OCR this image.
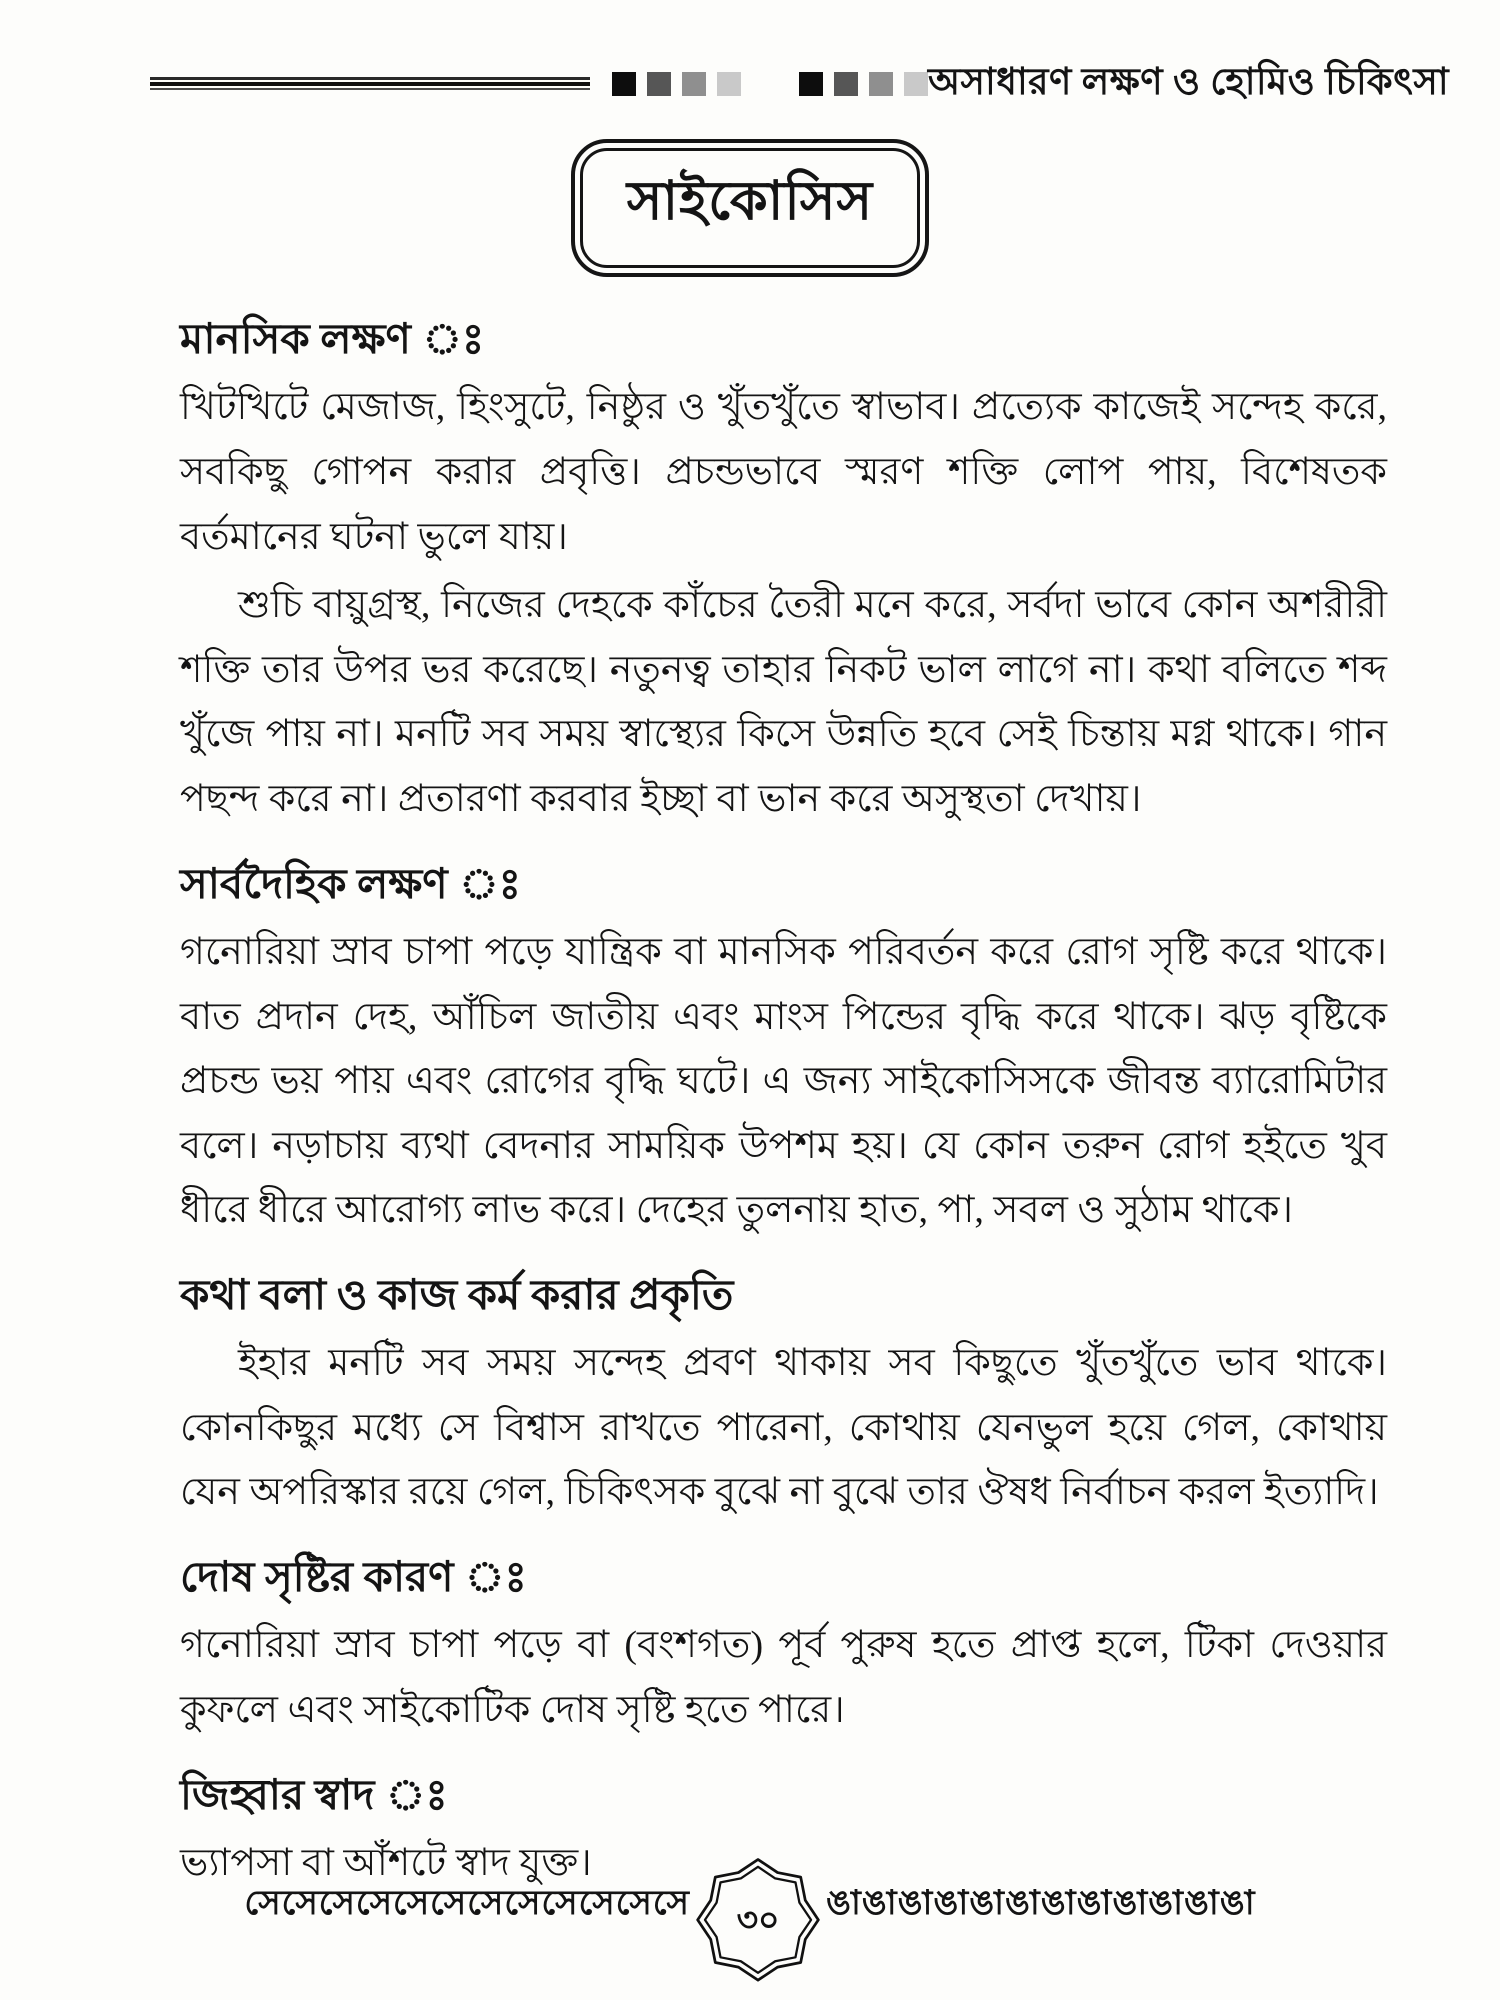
অসাধারণ লক্ষণ ও হোমিও চিকিৎসা
সাইকোসিস
মানসিক লক্ষণ ঃ

খিটখিটে মেজাজ, হিংসুটে, নিষ্ঠুর ও খুঁতখুঁতে স্বাভাব। প্রত্যেক কাজেই সন্দেহ করে, সবকিছু গোপন করার প্রবৃত্তি। প্রচন্ডভাবে স্মরণ শক্তি লোপ পায়, বিশেষতক বর্তমানের ঘটনা ভুলে যায়।

শুচি বায়ুগ্রস্থ, নিজের দেহকে কাঁচের তৈরী মনে করে, সর্বদা ভাবে কোন অশরীরী শক্তি তার উপর ভর করেছে। নতুনত্ব তাহার নিকট ভাল লাগে না। কথা বলিতে শব্দ খুঁজে পায় না। মনটি সব সময় স্বাস্থ্যের কিসে উন্নতি হবে সেই চিন্তায় মগ্ন থাকে। গান পছন্দ করে না। প্রতারণা করবার ইচ্ছা বা ভান করে অসুস্থতা দেখায়।

সার্বদৈহিক লক্ষণ ঃ

গনোরিয়া স্রাব চাপা পড়ে যান্ত্রিক বা মানসিক পরিবর্তন করে রোগ সৃষ্টি করে থাকে। বাত প্রদান দেহ, আঁচিল জাতীয় এবং মাংস পিন্ডের বৃদ্ধি করে থাকে। ঝড় বৃষ্টিকে প্রচন্ড ভয় পায় এবং রোগের বৃদ্ধি ঘটে। এ জন্য সাইকোসিসকে জীবন্ত ব্যারোমিটার বলে। নড়াচায় ব্যথা বেদনার সাময়িক উপশম হয়। যে কোন তরুন রোগ হইতে খুব ধীরে ধীরে আরোগ্য লাভ করে। দেহের তুলনায় হাত, পা, সবল ও সুঠাম থাকে।

কথা বলা ও কাজ কর্ম করার প্রকৃতি

ইহার মনটি সব সময় সন্দেহ প্রবণ থাকায় সব কিছুতে খুঁতখুঁতে ভাব থাকে। কোনকিছুর মধ্যে সে বিশ্বাস রাখতে পারেনা, কোথায় যেনভুল হয়ে গেল, কোথায় যেন অপরিস্কার রয়ে গেল, চিকিৎসক বুঝে না বুঝে তার ঔষধ নির্বাচন করল ইত্যাদি।

দোষ সৃষ্টির কারণ ঃ

গনোরিয়া স্রাব চাপা পড়ে বা (বংশগত) পূর্ব পুরুষ হতে প্রাপ্ত হলে, টিকা দেওয়ার কুফলে এবং সাইকোটিক দোষ সৃষ্টি হতে পারে।

জিহ্বার স্বাদ ঃ

ভ্যাপসা বা আঁশটে স্বাদ যুক্ত।

সেসেসেসেসেসেসেসেসেসেসেসে ৩০ ঙাঙাঙাঙাঙাঙাঙাঙাঙাঙাঙাঙা
